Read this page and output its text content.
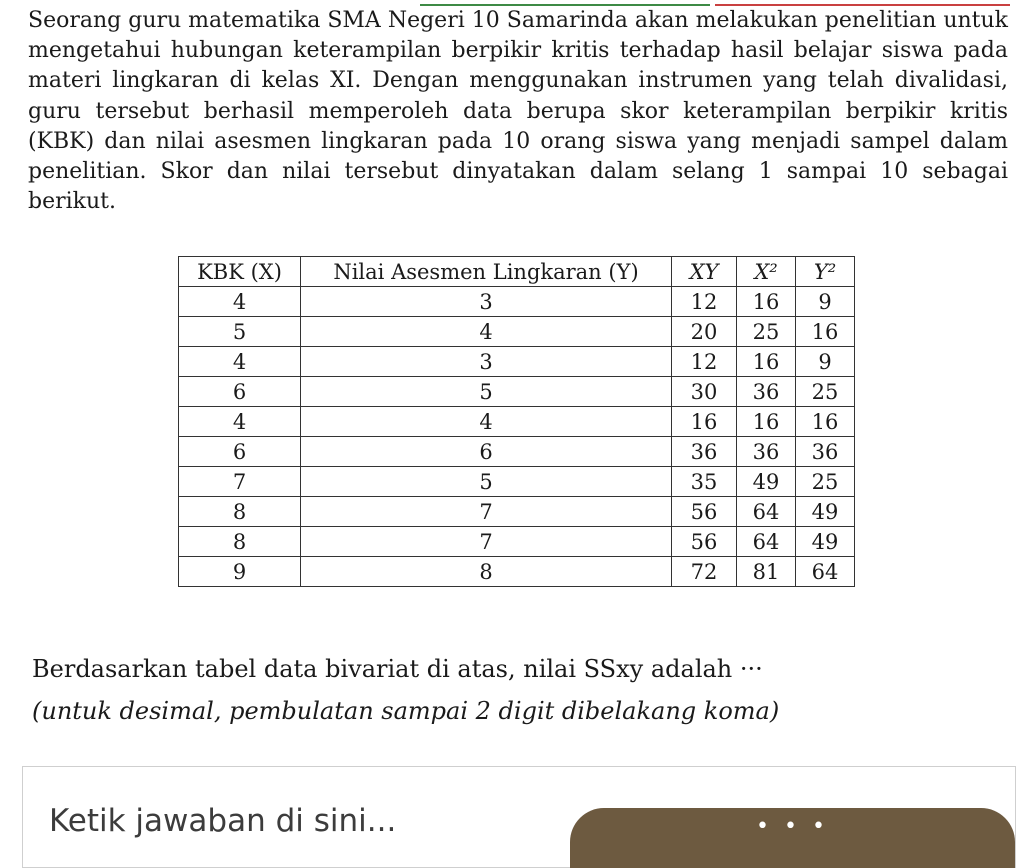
Seorang guru matematika SMA Negeri 10 Samarinda akan melakukan penelitian untuk mengetahui hubungan keterampilan berpikir kritis terhadap hasil belajar siswa pada materi lingkaran di kelas XI. Dengan menggunakan instrumen yang telah divalidasi, guru tersebut berhasil memperoleh data berupa skor keterampilan berpikir kritis (KBK) dan nilai asesmen lingkaran pada 10 orang siswa yang menjadi sampel dalam penelitian. Skor dan nilai tersebut dinyatakan dalam selang 1 sampai 10 sebagai berikut.

KBK (X)	Nilai Asesmen Lingkaran (Y)	XY	X²	Y²
4	3	12	16	9
5	4	20	25	16
4	3	12	16	9
6	5	30	36	25
4	4	16	16	16
6	6	36	36	36
7	5	35	49	25
8	7	56	64	49
8	7	56	64	49
9	8	72	81	64

Berdasarkan tabel data bivariat di atas, nilai SSxy adalah ···
(untuk desimal, pembulatan sampai 2 digit dibelakang koma)

Ketik jawaban di sini...
• • •
